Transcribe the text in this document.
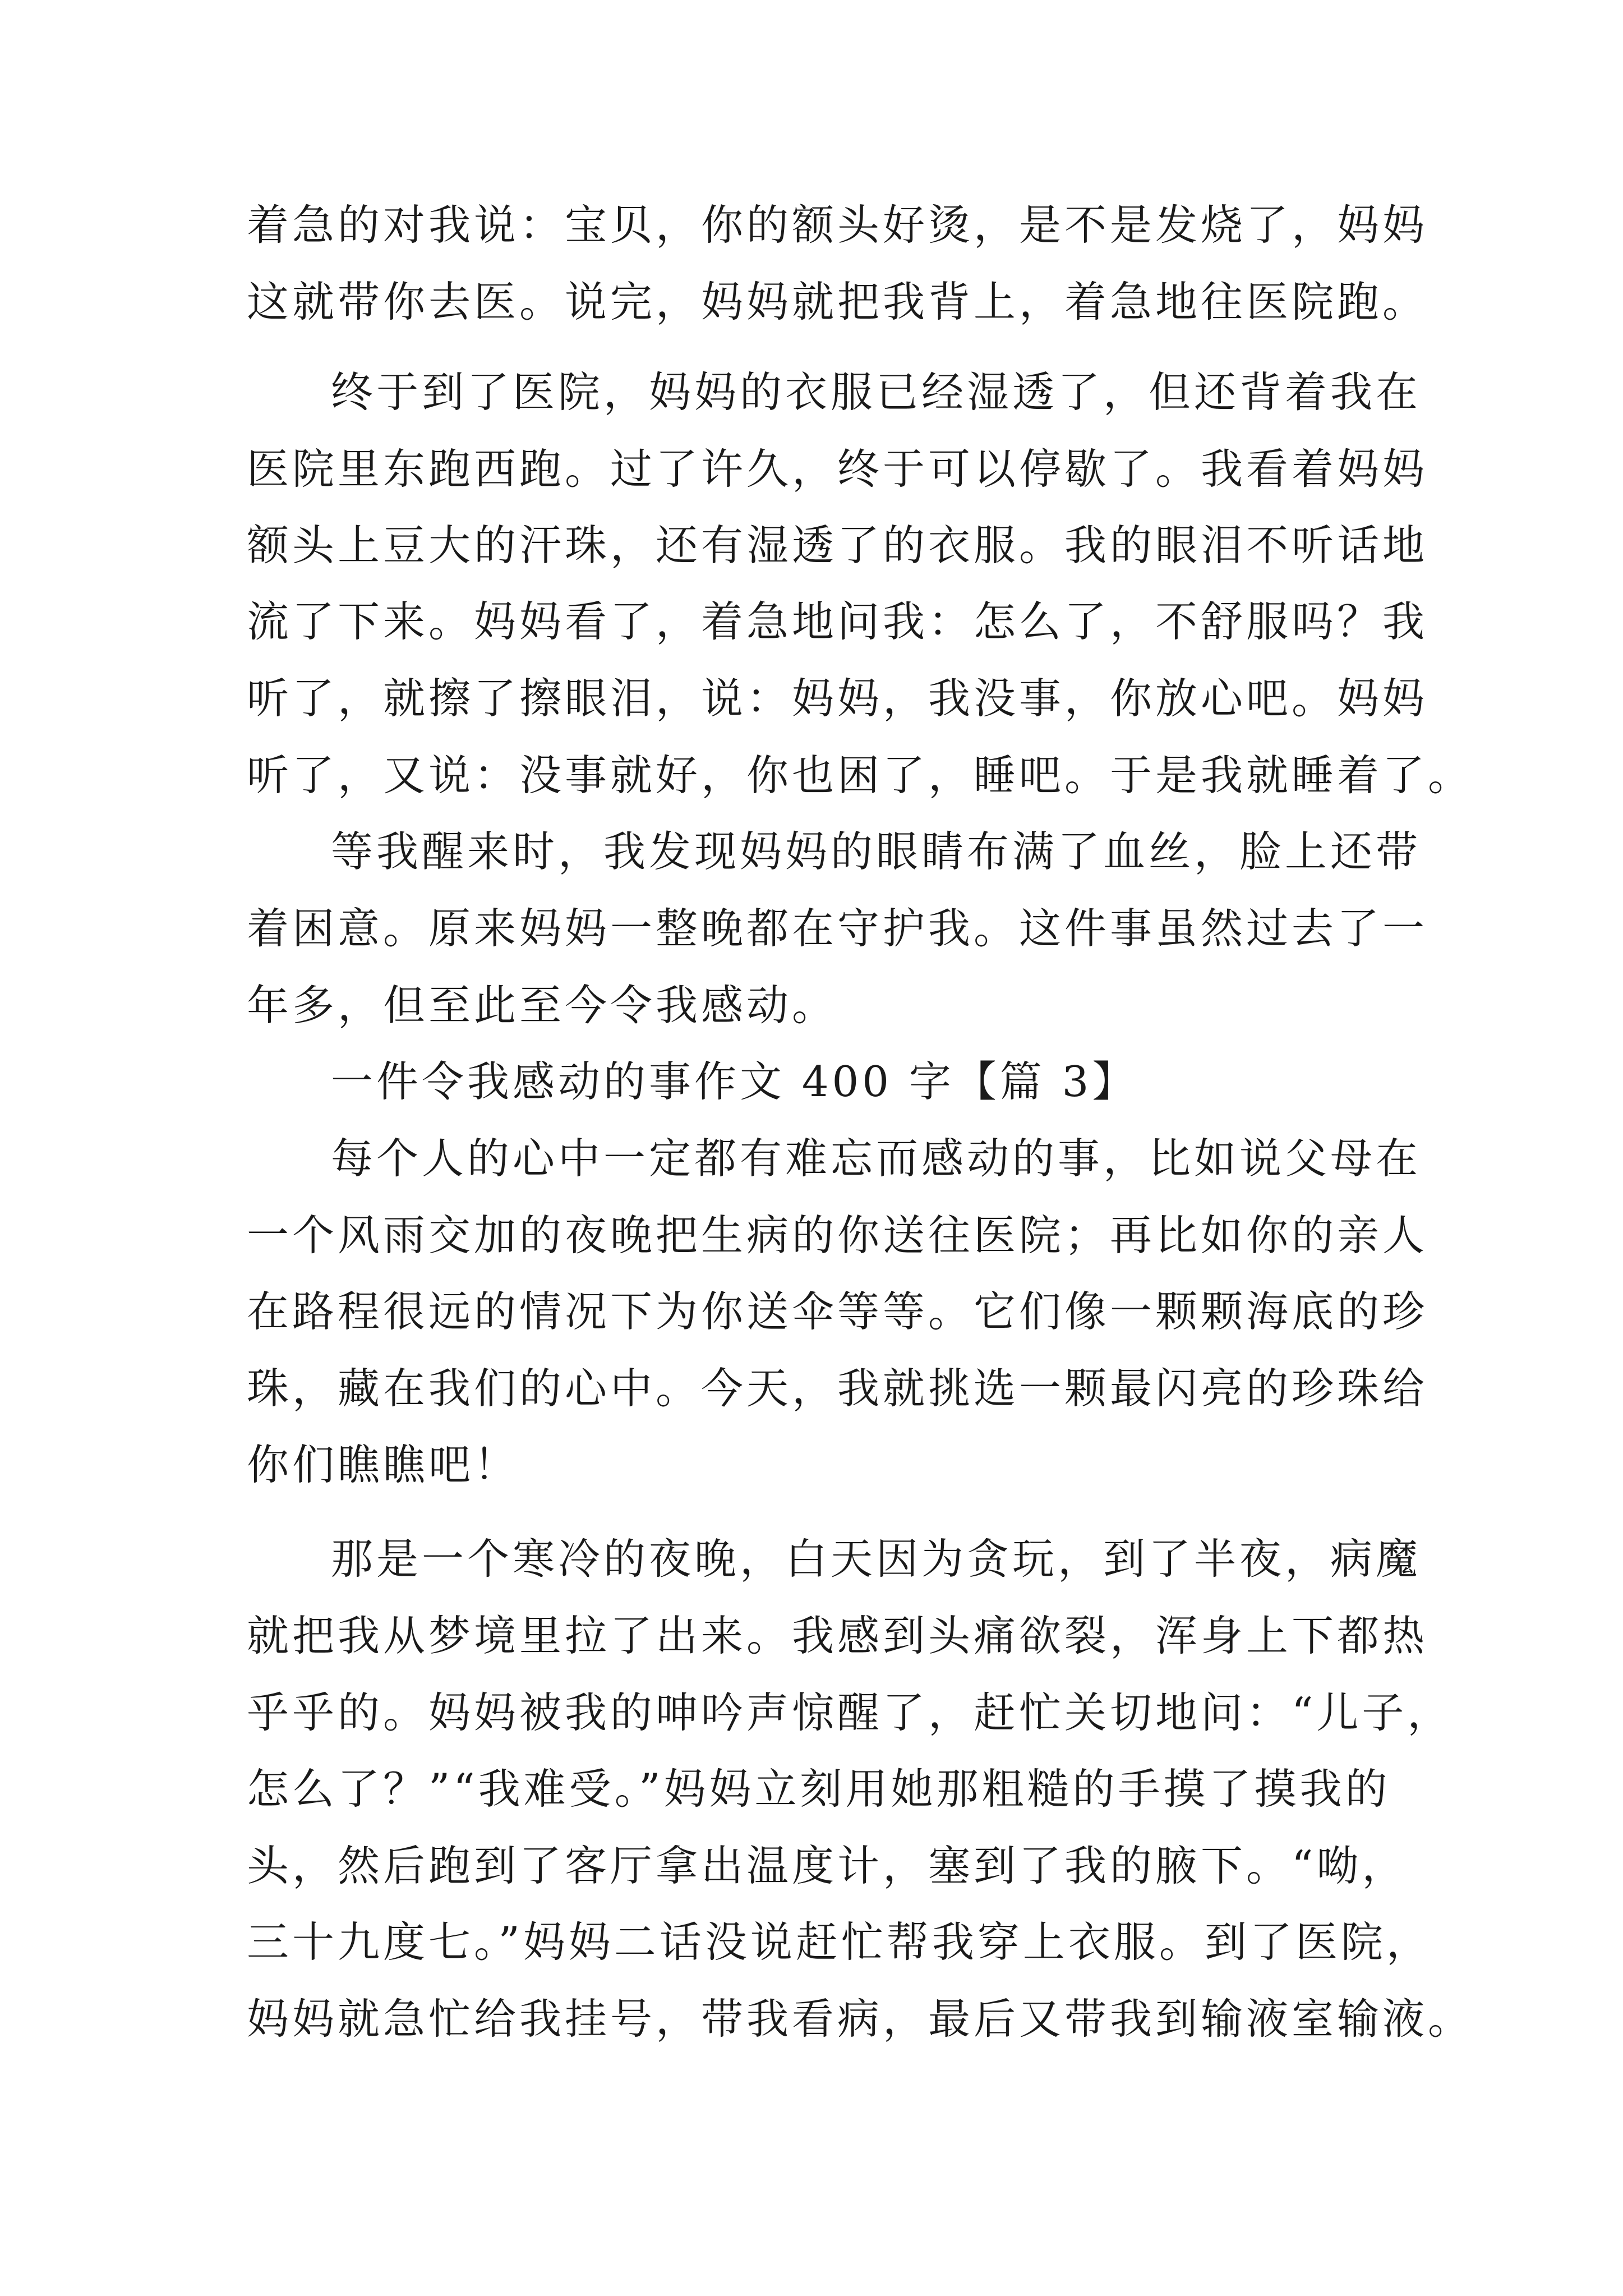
着急的对我说：宝贝，你的额头好烫，是不是发烧了，妈妈
这就带你去医。说完，妈妈就把我背上，着急地往医院跑。
终于到了医院，妈妈的衣服已经湿透了，但还背着我在
医院里东跑西跑。过了许久，终于可以停歇了。我看着妈妈
额头上豆大的汗珠，还有湿透了的衣服。我的眼泪不听话地
流了下来。妈妈看了，着急地问我：怎么了，不舒服吗？我
听了，就擦了擦眼泪，说：妈妈，我没事，你放心吧。妈妈
听了，又说：没事就好，你也困了，睡吧。于是我就睡着了。
等我醒来时，我发现妈妈的眼睛布满了血丝，脸上还带
着困意。原来妈妈一整晚都在守护我。这件事虽然过去了一
年多，但至此至今令我感动。
一件令我感动的事作文 400 字【篇 3】
每个人的心中一定都有难忘而感动的事，比如说父母在
一个风雨交加的夜晚把生病的你送往医院；再比如你的亲人
在路程很远的情况下为你送伞等等。它们像一颗颗海底的珍
珠，藏在我们的心中。今天，我就挑选一颗最闪亮的珍珠给
你们瞧瞧吧！
那是一个寒冷的夜晚，白天因为贪玩，到了半夜，病魔
就把我从梦境里拉了出来。我感到头痛欲裂，浑身上下都热
乎乎的。妈妈被我的呻吟声惊醒了，赶忙关切地问：“儿子，
怎么了？”“我难受。”妈妈立刻用她那粗糙的手摸了摸我的
头，然后跑到了客厅拿出温度计，塞到了我的腋下。“呦，
三十九度七。”妈妈二话没说赶忙帮我穿上衣服。到了医院，
妈妈就急忙给我挂号，带我看病，最后又带我到输液室输液。
